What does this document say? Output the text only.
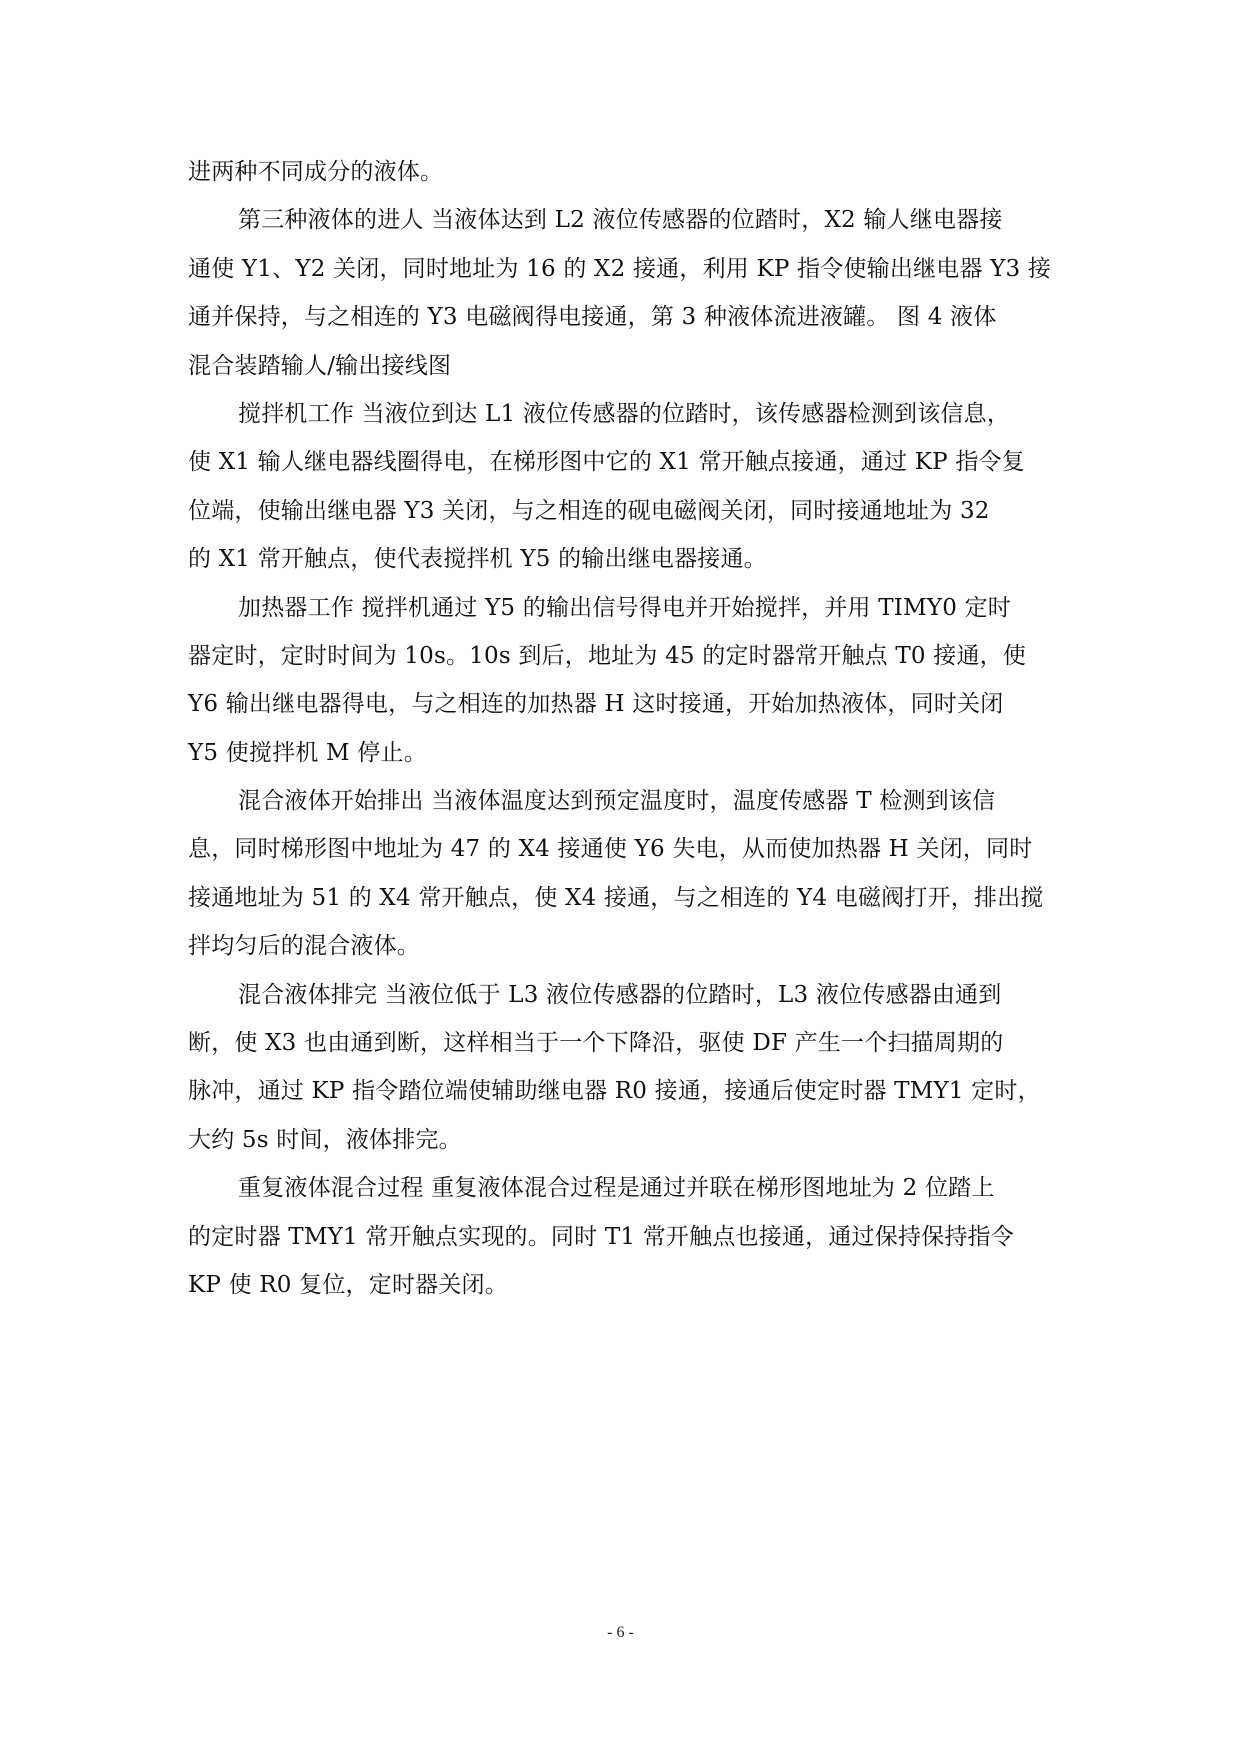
进两种不同成分的液体。
第三种液体的进人 当液体达到 L2 液位传感器的位踏时，X2 输人继电器接
通使 Y1、Y2 关闭，同时地址为 16 的 X2 接通，利用 KP 指令使输出继电器 Y3 接
通并保持，与之相连的 Y3 电磁阀得电接通，第 3 种液体流进液罐。 图 4 液体
混合装踏输人/输出接线图
搅拌机工作 当液位到达 L1 液位传感器的位踏时，该传感器检测到该信息，
使 X1 输人继电器线圈得电，在梯形图中它的 X1 常开触点接通，通过 KP 指令复
位端，使输出继电器 Y3 关闭，与之相连的砚电磁阀关闭，同时接通地址为 32
的 X1 常开触点，使代表搅拌机 Y5 的输出继电器接通。
加热器工作 搅拌机通过 Y5 的输出信号得电并开始搅拌，并用 TIMY0 定时
器定时，定时时间为 10s。10s 到后，地址为 45 的定时器常开触点 T0 接通，使
Y6 输出继电器得电，与之相连的加热器 H 这时接通，开始加热液体，同时关闭
Y5 使搅拌机 M 停止。
混合液体开始排出 当液体温度达到预定温度时，温度传感器 T 检测到该信
息，同时梯形图中地址为 47 的 X4 接通使 Y6 失电，从而使加热器 H 关闭，同时
接通地址为 51 的 X4 常开触点，使 X4 接通，与之相连的 Y4 电磁阀打开，排出搅
拌均匀后的混合液体。
混合液体排完 当液位低于 L3 液位传感器的位踏时，L3 液位传感器由通到
断，使 X3 也由通到断，这样相当于一个下降沿，驱使 DF 产生一个扫描周期的
脉冲，通过 KP 指令踏位端使辅助继电器 R0 接通，接通后使定时器 TMY1 定时，
大约 5s 时间，液体排完。
重复液体混合过程 重复液体混合过程是通过并联在梯形图地址为 2 位踏上
的定时器 TMY1 常开触点实现的。同时 T1 常开触点也接通，通过保持保持指令
KP 使 R0 复位，定时器关闭。
- 6 -
